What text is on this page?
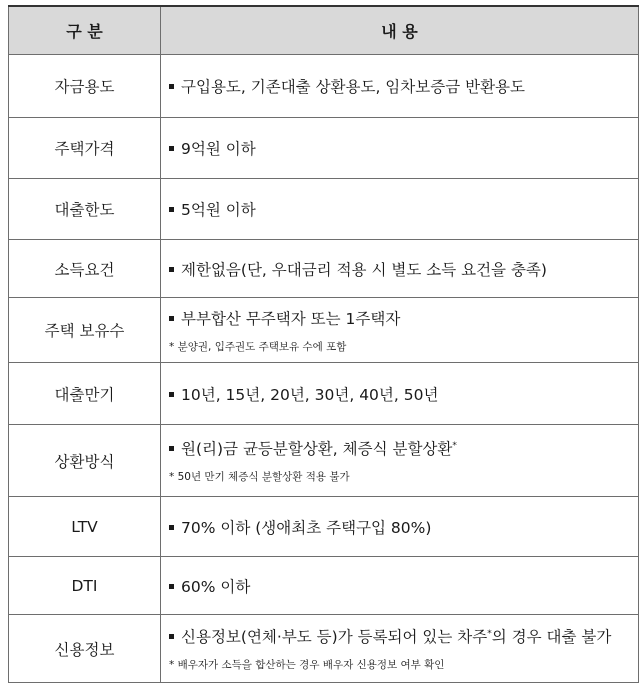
구 분	내 용
자금용도	구입용도, 기존대출 상환용도, 임차보증금 반환용도

주택가격	9억원 이하

대출한도	5억원 이하

소득요건	제한없음(단, 우대금리 적용 시 별도 소득 요건을 충족)

주택 보유수	부부합산 무주택자 또는 1주택자
* 분양권, 입주권도 주택보유 수에 포함

대출만기	10년, 15년, 20년, 30년, 40년, 50년

상환방식	원(리)금 균등분할상환, 체증식 분할상환*
* 50년 만기 체증식 분할상환 적용 불가

LTV	70% 이하 (생애최초 주택구입 80%)

DTI	60% 이하

신용정보	신용정보(연체·부도 등)가 등록되어 있는 차주*의 경우 대출 불가
* 배우자가 소득을 합산하는 경우 배우자 신용정보 여부 확인
